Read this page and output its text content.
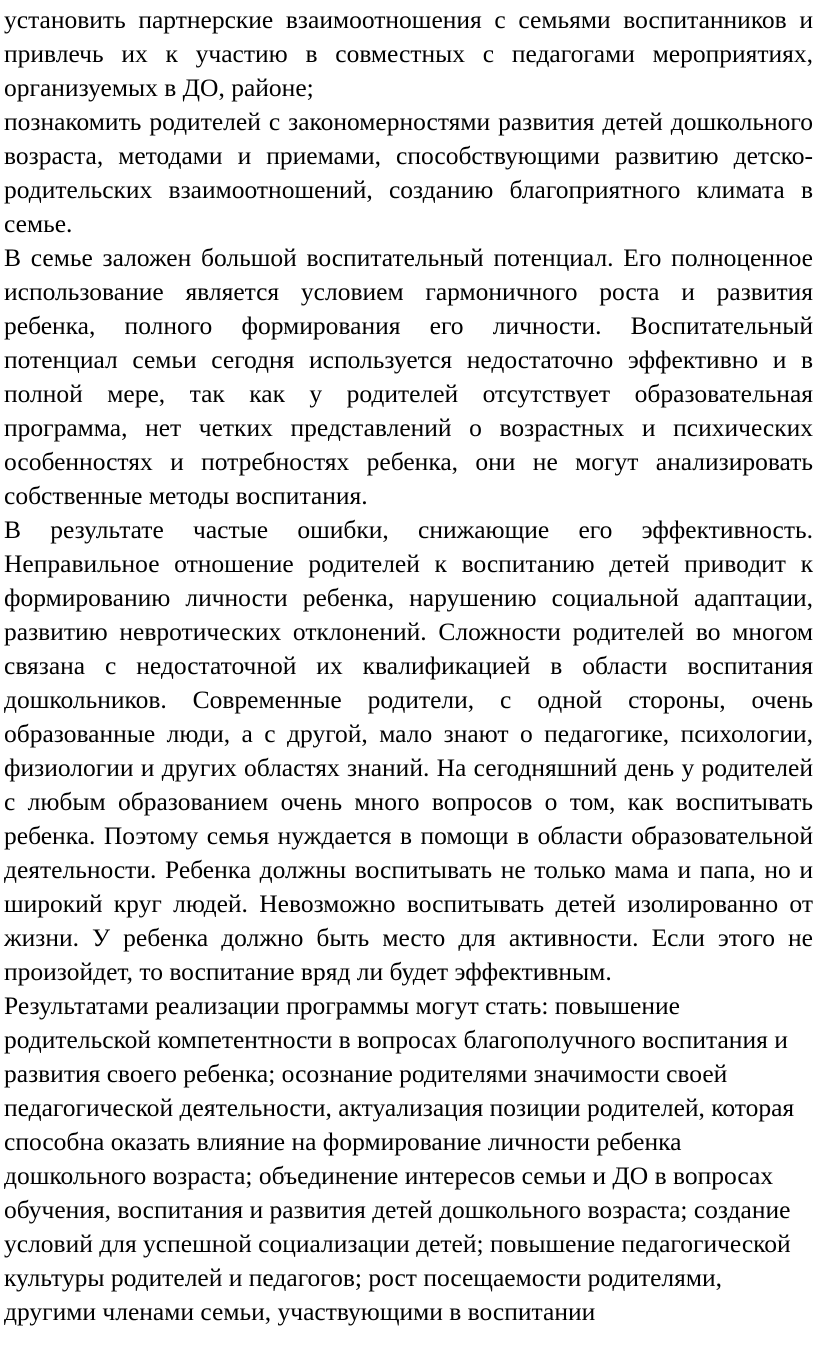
установить партнерские взаимоотношения с семьями воспитанников и привлечь их к участию в совместных с педагогами мероприятиях, организуемых в ДО, районе;

познакомить родителей с закономерностями развития детей дошкольного возраста, методами и приемами, способствующими развитию детско-родительских взаимоотношений, созданию благоприятного климата в семье.

В семье заложен большой воспитательный потенциал. Его полноценное использование является условием гармоничного роста и развития ребенка, полного формирования его личности. Воспитательный потенциал семьи сегодня используется недостаточно эффективно и в полной мере, так как у родителей отсутствует образовательная программа, нет четких представлений о возрастных и психических особенностях и потребностях ребенка, они не могут анализировать собственные методы воспитания.

В результате частые ошибки, снижающие его эффективность. Неправильное отношение родителей к воспитанию детей приводит к формированию личности ребенка, нарушению социальной адаптации, развитию невротических отклонений. Сложности родителей во многом связана с недостаточной их квалификацией в области воспитания дошкольников. Современные родители, с одной стороны, очень образованные люди, а с другой, мало знают о педагогике, психологии, физиологии и других областях знаний. На сегодняшний день у родителей с любым образованием очень много вопросов о том, как воспитывать ребенка. Поэтому семья нуждается в помощи в области образовательной деятельности. Ребенка должны воспитывать не только мама и папа, но и широкий круг людей. Невозможно воспитывать детей изолированно от жизни. У ребенка должно быть место для активности. Если этого не произойдет, то воспитание вряд ли будет эффективным.

Результатами реализации программы могут стать: повышение родительской компетентности в вопросах благополучного воспитания и развития своего ребенка; осознание родителями значимости своей педагогической деятельности, актуализация позиции родителей, которая способна оказать влияние на формирование личности ребенка дошкольного возраста; объединение интересов семьи и ДО в вопросах обучения, воспитания и развития детей дошкольного возраста; создание условий для успешной социализации детей; повышение педагогической культуры родителей и педагогов; рост посещаемости родителями, другими членами семьи, участвующими в воспитании
